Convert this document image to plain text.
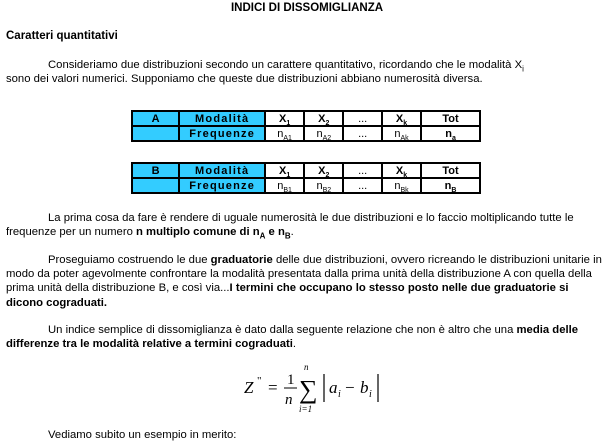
INDICI DI DISSOMIGLIANZA
Caratteri quantitativi

Consideriamo due distribuzioni secondo un carattere quantitativo, ricordando che le modalità $X_i$
sono dei valori numerici. Supponiamo che queste due distribuzioni abbiano numerosità diversa.

A	Modalità	$X_1$	$X_2$	...	$X_k$	Tot
	Frequenze	$n_{A1}$	$n_{A2}$	...	$n_{Ak}$	$n_a$
B	Modalità	$X_1$	$X_2$	...	$X_k$	Tot
	Frequenze	$n_{B1}$	$n_{B2}$	...	$n_{Bk}$	$n_B$

La prima cosa da fare è rendere di uguale numerosità le due distribuzioni e lo faccio moltiplicando tutte le frequenze per un numero n multiplo comune di $n_A$ e $n_B$.

Proseguiamo costruendo le due graduatorie delle due distribuzioni, ovvero ricreando le distribuzioni unitarie in modo da poter agevolmente confrontare la modalità presentata dalla prima unità della distribuzione A con quella della prima unità della distribuzione B, e così via...I termini che occupano lo stesso posto nelle due graduatorie si dicono cograduati.

Un indice semplice di dissomiglianza è dato dalla seguente relazione che non è altro che una media delle differenze tra le modalità relative a termini cograduati.

Z " = 1
n
n
∑
i=1
a i − b i

Vediamo subito un esempio in merito:
